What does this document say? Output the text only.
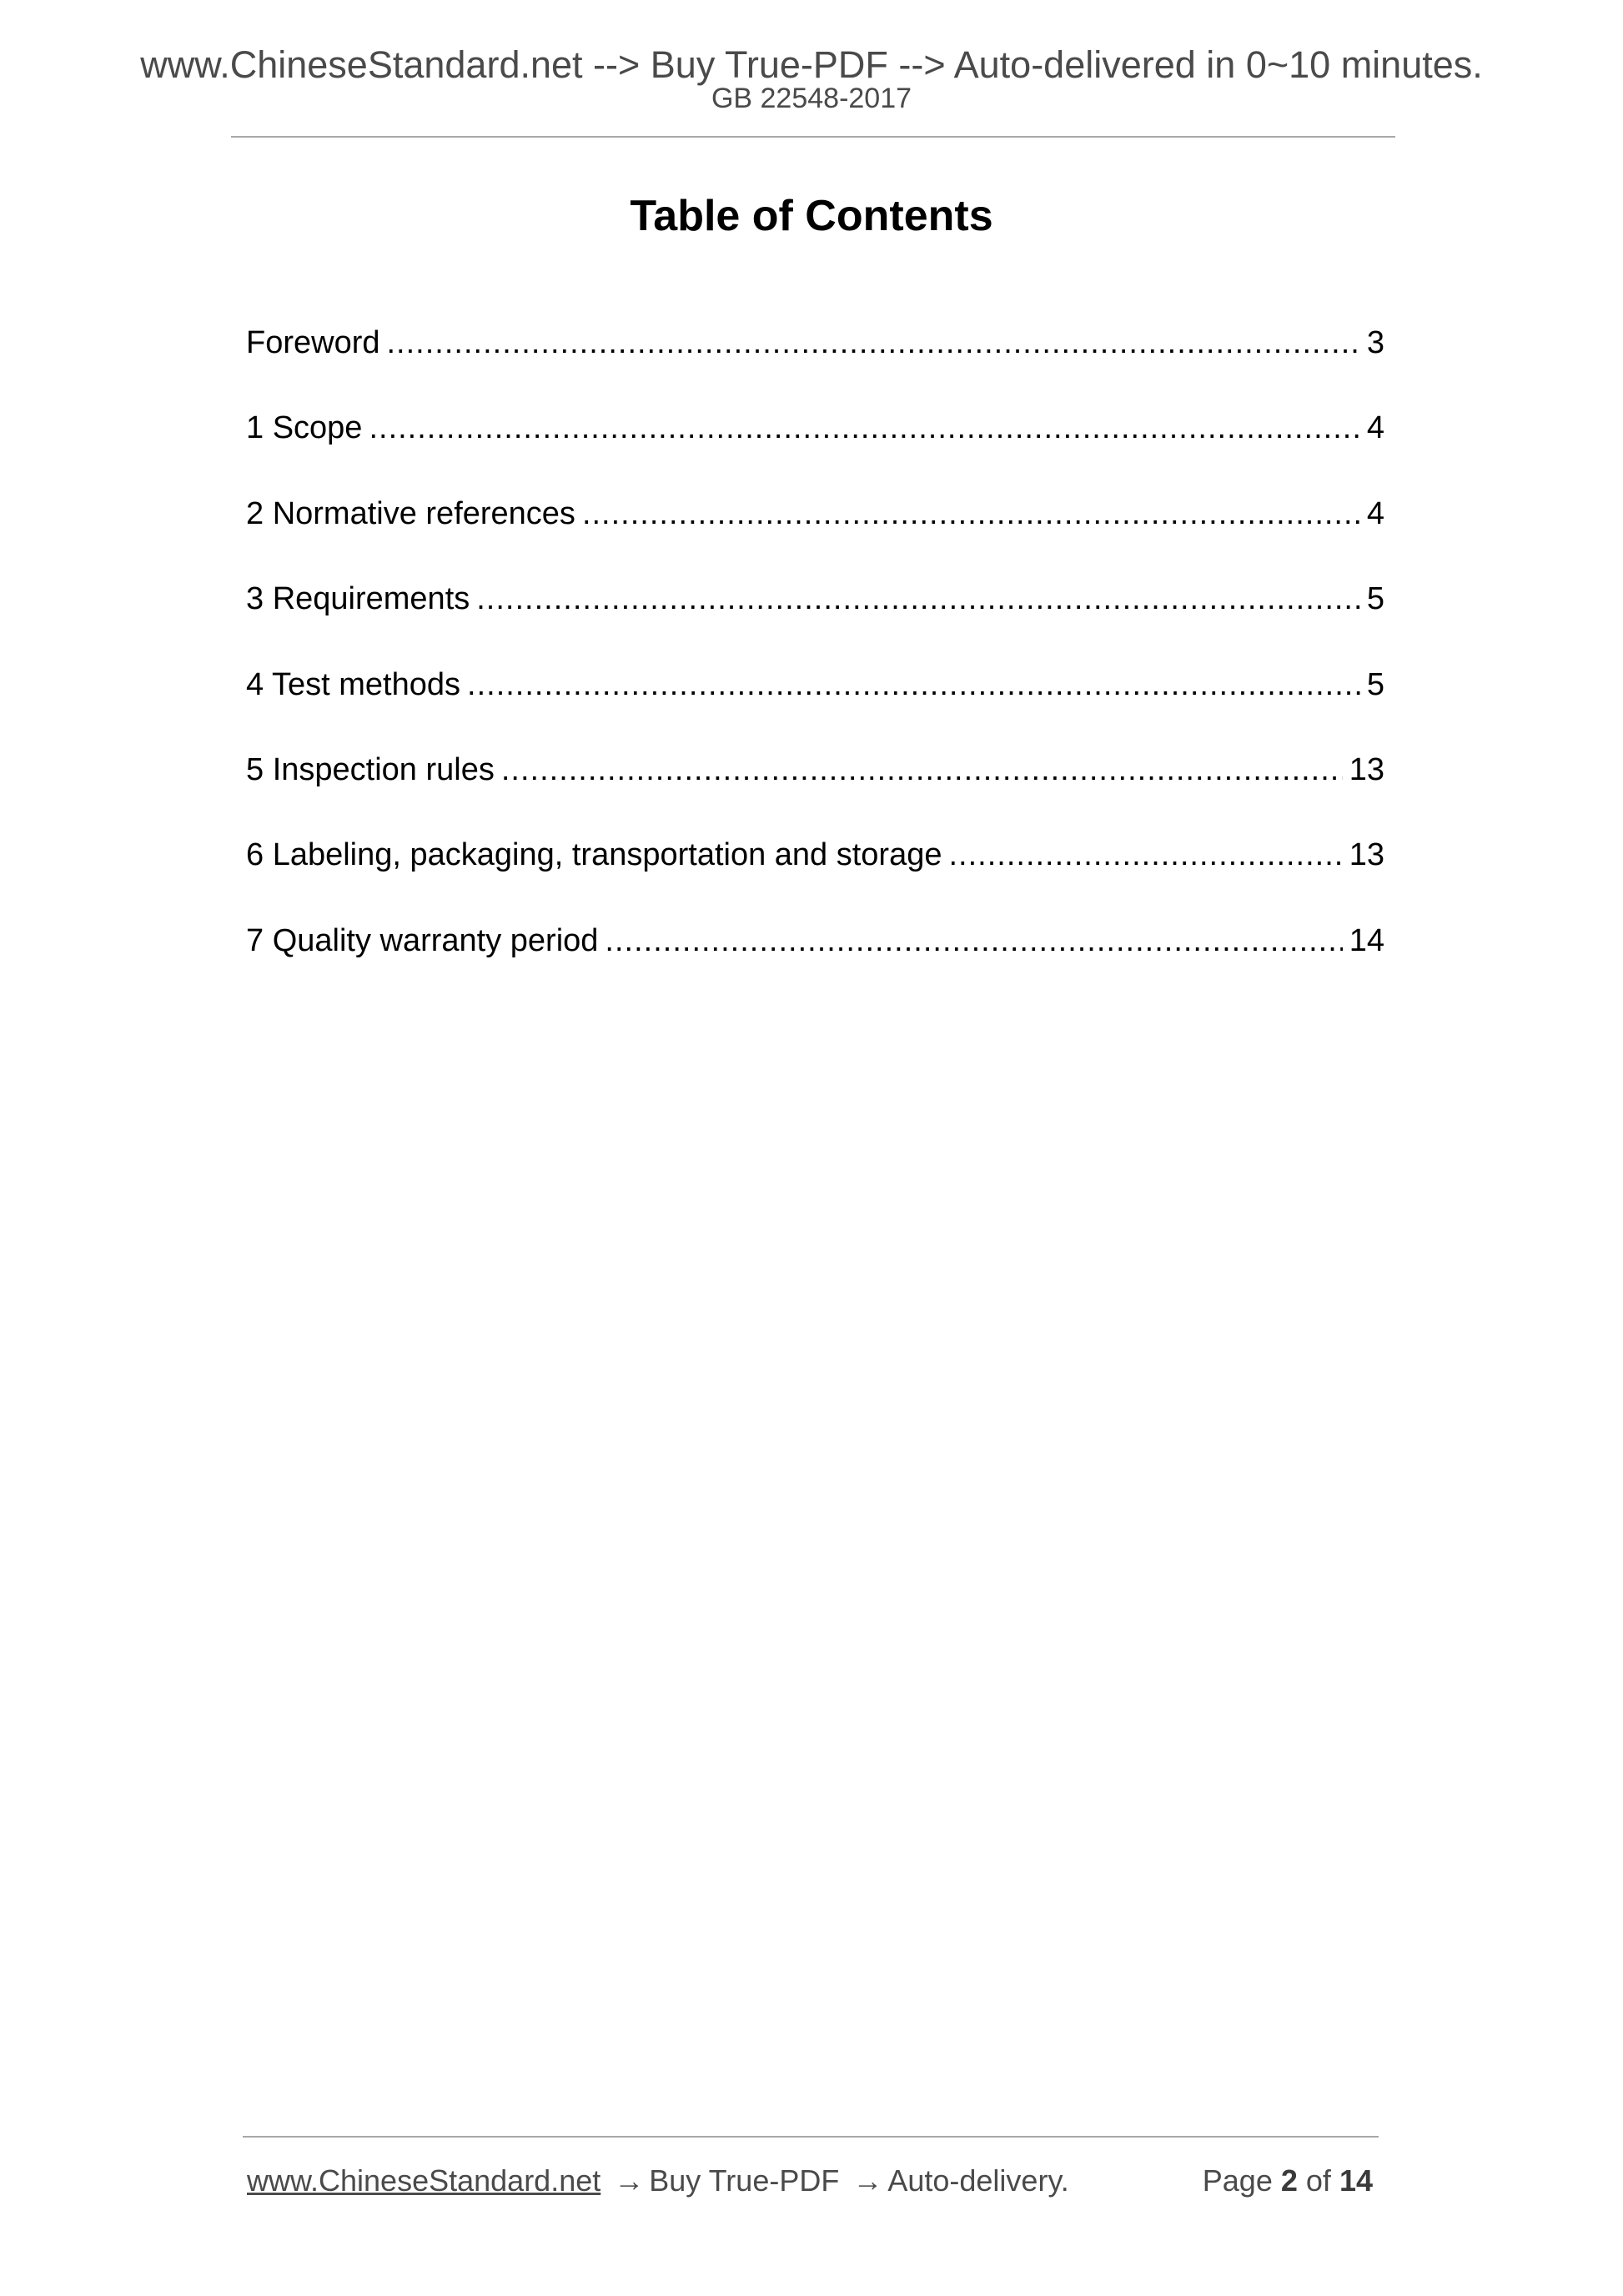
www.ChineseStandard.net --> Buy True-PDF --> Auto-delivered in 0~10 minutes.
GB 22548-2017
Table of Contents
Foreword .....	3
1 Scope .....	4
2 Normative references .....	4
3 Requirements .....	5
4 Test methods .....	5
5 Inspection rules .....	13
6 Labeling, packaging, transportation and storage .....	13
7 Quality warranty period .....	14
www.ChineseStandard.net → Buy True-PDF → Auto-delivery.	Page 2 of 14
